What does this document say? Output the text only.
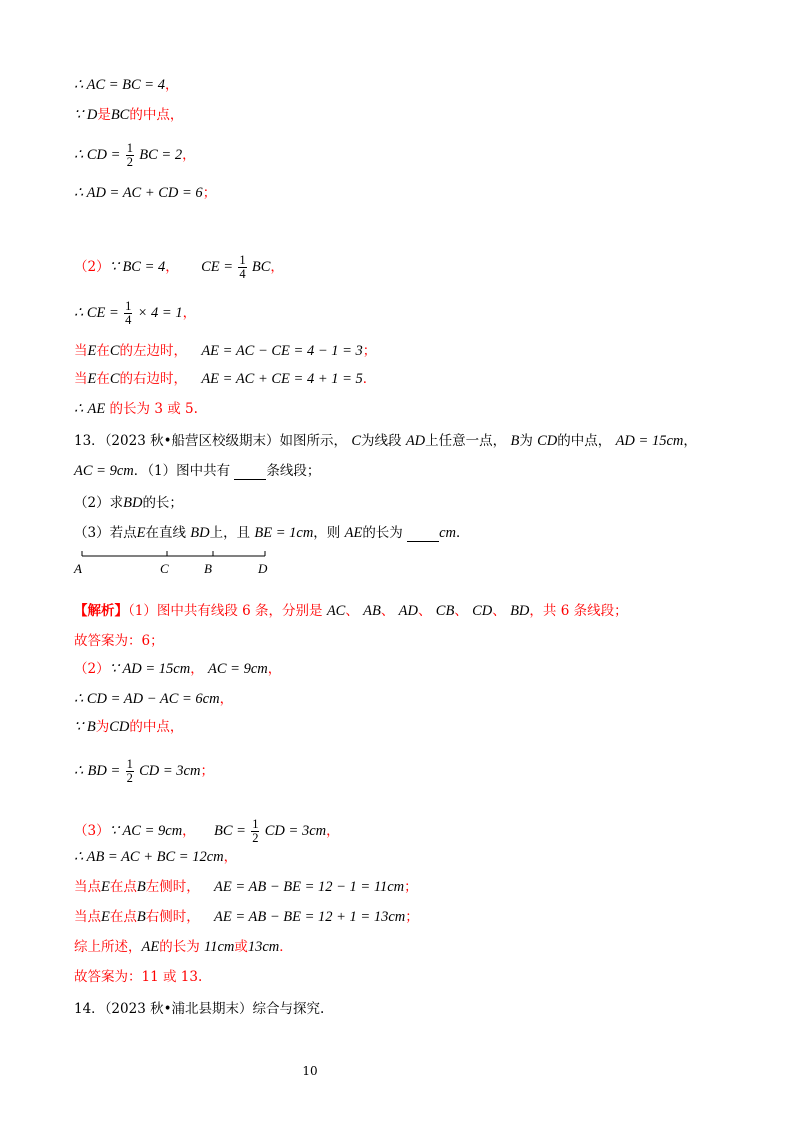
∴ AC = BC = 4，
∵ D是BC的中点，
∴ CD = $\frac{1}{2}$ BC = 2，
∴ AD = AC + CD = 6；
（2）∵ BC = 4， CE = $\frac{1}{4}$ BC，
∴ CE = $\frac{1}{4} \times 4 = 1$，
当E在C的左边时， AE = AC − CE = 4 − 1 = 3；
当E在C的右边时， AE = AC + CE = 4 + 1 = 5．
∴ AE 的长为 3 或 5.
13．（2023 秋•船营区校级期末）如图所示， C为线段 AD上任意一点， B为 CD的中点， AD = 15cm，
AC = 9cm．（1）图中共有	条线段；
（2）求BD的长；
（3）若点E在直线 BD上，且 BE = 1cm，则 AE的长为	cm．
A	C	B	D
【解析】（1）图中共有线段 6 条，分别是 AC、 AB、 AD、 CB、 CD、 BD，共 6 条线段；
故答案为：6；
（2）∵ AD = 15cm， AC = 9cm，
∴ CD = AD − AC = 6cm，
∵ B为CD的中点，
∴ BD = $\frac{1}{2}$ CD = 3cm；
（3）∵ AC = 9cm， BC = $\frac{1}{2}$ CD = 3cm，
∴ AB = AC + BC = 12cm，
当点E在点B左侧时， AE = AB − BE = 12 − 1 = 11cm；
当点E在点B右侧时， AE = AB − BE = 12 + 1 = 13cm；
综上所述，AE的长为 11cm或13cm．
故答案为：11 或 13.
14．（2023 秋•浦北县期末）综合与探究.
10
